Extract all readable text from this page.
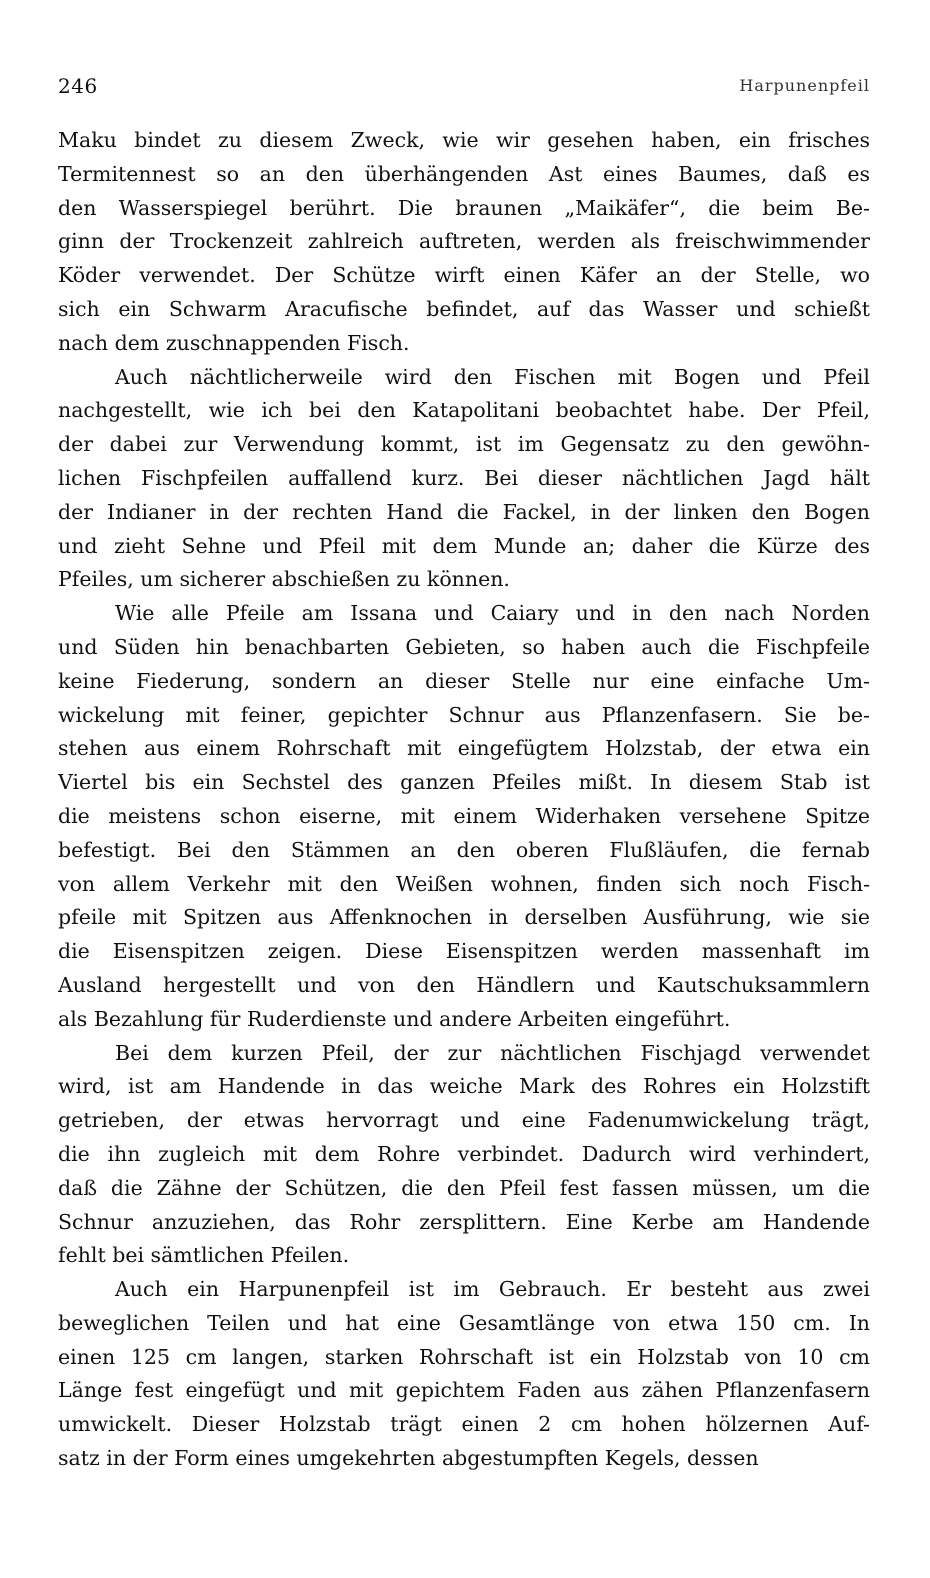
246	Harpunenpfeil
Maku bindet zu diesem Zweck, wie wir gesehen haben, ein frisches
Termitennest so an den überhängenden Ast eines Baumes, daß es
den Wasserspiegel berührt. Die braunen „Maikäfer“, die beim Be-
ginn der Trockenzeit zahlreich auftreten, werden als freischwimmender
Köder verwendet. Der Schütze wirft einen Käfer an der Stelle, wo
sich ein Schwarm Aracufische befindet, auf das Wasser und schießt
nach dem zuschnappenden Fisch.
Auch nächtlicherweile wird den Fischen mit Bogen und Pfeil
nachgestellt, wie ich bei den Katapolitani beobachtet habe. Der Pfeil,
der dabei zur Verwendung kommt, ist im Gegensatz zu den gewöhn-
lichen Fischpfeilen auffallend kurz. Bei dieser nächtlichen Jagd hält
der Indianer in der rechten Hand die Fackel, in der linken den Bogen
und zieht Sehne und Pfeil mit dem Munde an; daher die Kürze des
Pfeiles, um sicherer abschießen zu können.
Wie alle Pfeile am Issana und Caiary und in den nach Norden
und Süden hin benachbarten Gebieten, so haben auch die Fischpfeile
keine Fiederung, sondern an dieser Stelle nur eine einfache Um-
wickelung mit feiner, gepichter Schnur aus Pflanzenfasern. Sie be-
stehen aus einem Rohrschaft mit eingefügtem Holzstab, der etwa ein
Viertel bis ein Sechstel des ganzen Pfeiles mißt. In diesem Stab ist
die meistens schon eiserne, mit einem Widerhaken versehene Spitze
befestigt. Bei den Stämmen an den oberen Flußläufen, die fernab
von allem Verkehr mit den Weißen wohnen, finden sich noch Fisch-
pfeile mit Spitzen aus Affenknochen in derselben Ausführung, wie sie
die Eisenspitzen zeigen. Diese Eisenspitzen werden massenhaft im
Ausland hergestellt und von den Händlern und Kautschuksammlern
als Bezahlung für Ruderdienste und andere Arbeiten eingeführt.
Bei dem kurzen Pfeil, der zur nächtlichen Fischjagd verwendet
wird, ist am Handende in das weiche Mark des Rohres ein Holzstift
getrieben, der etwas hervorragt und eine Fadenumwickelung trägt,
die ihn zugleich mit dem Rohre verbindet. Dadurch wird verhindert,
daß die Zähne der Schützen, die den Pfeil fest fassen müssen, um die
Schnur anzuziehen, das Rohr zersplittern. Eine Kerbe am Handende
fehlt bei sämtlichen Pfeilen.
Auch ein Harpunenpfeil ist im Gebrauch. Er besteht aus zwei
beweglichen Teilen und hat eine Gesamtlänge von etwa 150 cm. In
einen 125 cm langen, starken Rohrschaft ist ein Holzstab von 10 cm
Länge fest eingefügt und mit gepichtem Faden aus zähen Pflanzenfasern
umwickelt. Dieser Holzstab trägt einen 2 cm hohen hölzernen Auf-
satz in der Form eines umgekehrten abgestumpften Kegels, dessen
